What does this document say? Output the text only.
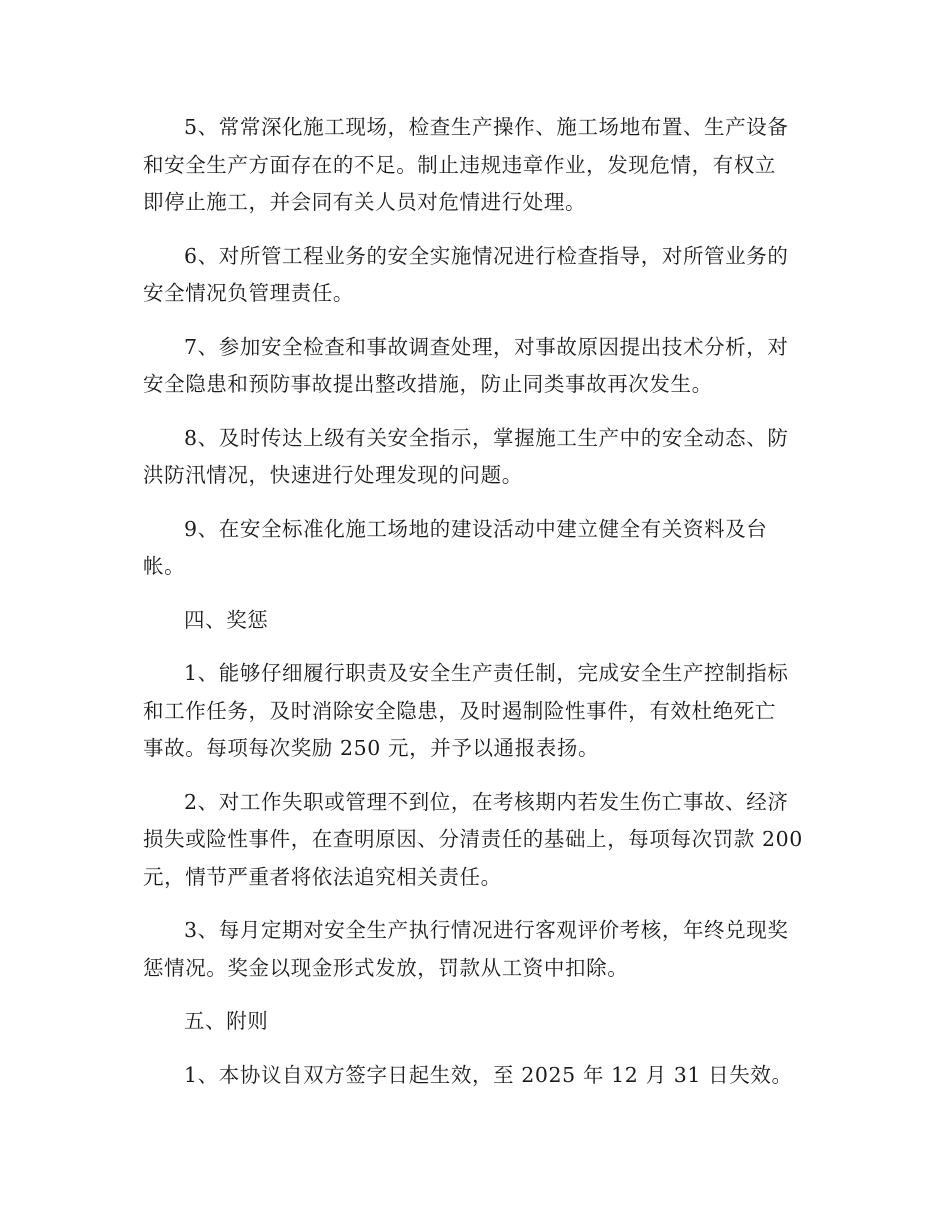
5、常常深化施工现场，检查生产操作、施工场地布置、生产设备
和安全生产方面存在的不足。制止违规违章作业，发现危情，有权立
即停止施工，并会同有关人员对危情进行处理。
6、对所管工程业务的安全实施情况进行检查指导，对所管业务的
安全情况负管理责任。
7、参加安全检查和事故调查处理，对事故原因提出技术分析，对
安全隐患和预防事故提出整改措施，防止同类事故再次发生。
8、及时传达上级有关安全指示，掌握施工生产中的安全动态、防
洪防汛情况，快速进行处理发现的问题。
9、在安全标准化施工场地的建设活动中建立健全有关资料及台
帐。
四、奖惩
1、能够仔细履行职责及安全生产责任制，完成安全生产控制指标
和工作任务，及时消除安全隐患，及时遏制险性事件，有效杜绝死亡
事故。每项每次奖励 250 元，并予以通报表扬。
2、对工作失职或管理不到位，在考核期内若发生伤亡事故、经济
损失或险性事件，在查明原因、分清责任的基础上，每项每次罚款 200
元，情节严重者将依法追究相关责任。
3、每月定期对安全生产执行情况进行客观评价考核，年终兑现奖
惩情况。奖金以现金形式发放，罚款从工资中扣除。
五、附则
1、本协议自双方签字日起生效，至 2025 年 12 月 31 日失效。
